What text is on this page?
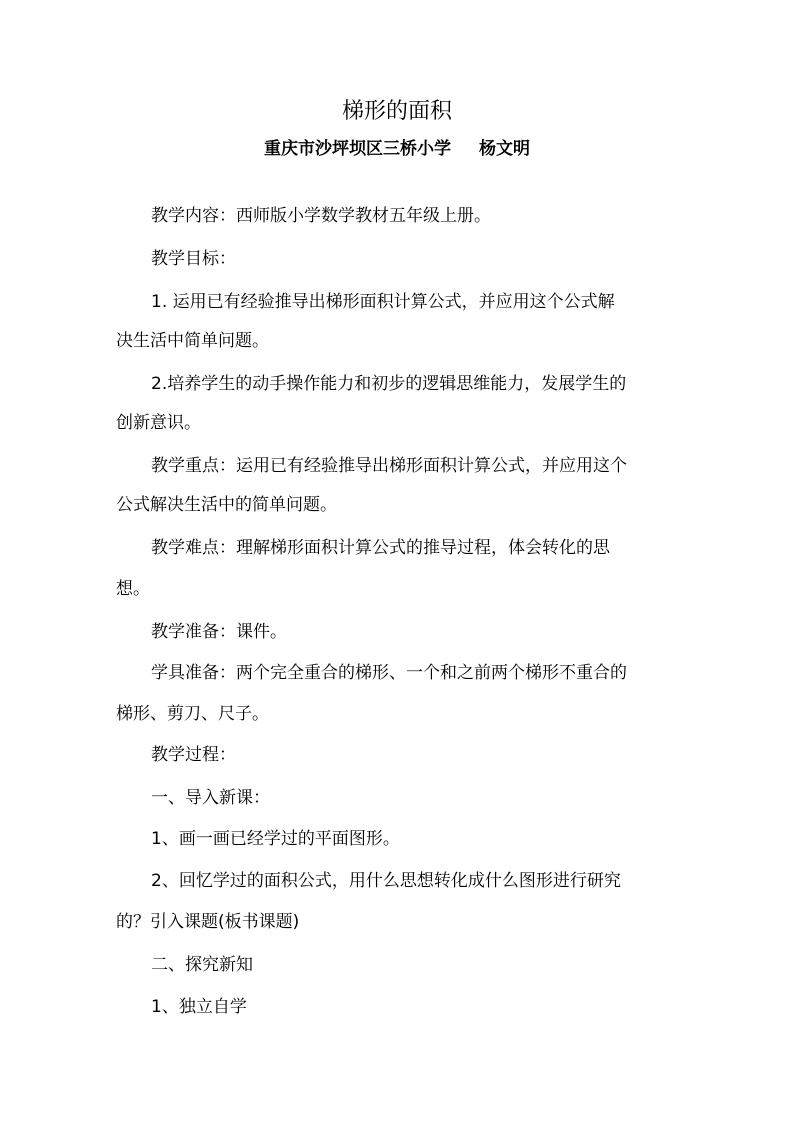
梯形的面积
重庆市沙坪坝区三桥小学 杨文明
教学内容：西师版小学数学教材五年级上册。
教学目标：
1. 运用已有经验推导出梯形面积计算公式，并应用这个公式解
决生活中简单问题。
2.培养学生的动手操作能力和初步的逻辑思维能力，发展学生的
创新意识。
教学重点：运用已有经验推导出梯形面积计算公式，并应用这个
公式解决生活中的简单问题。
教学难点：理解梯形面积计算公式的推导过程，体会转化的思
想。
教学准备：课件。
学具准备：两个完全重合的梯形、一个和之前两个梯形不重合的
梯形、剪刀、尺子。
教学过程：
一、导入新课：
1、画一画已经学过的平面图形。
2、回忆学过的面积公式，用什么思想转化成什么图形进行研究
的？引入课题(板书课题)
二、探究新知
1、独立自学
